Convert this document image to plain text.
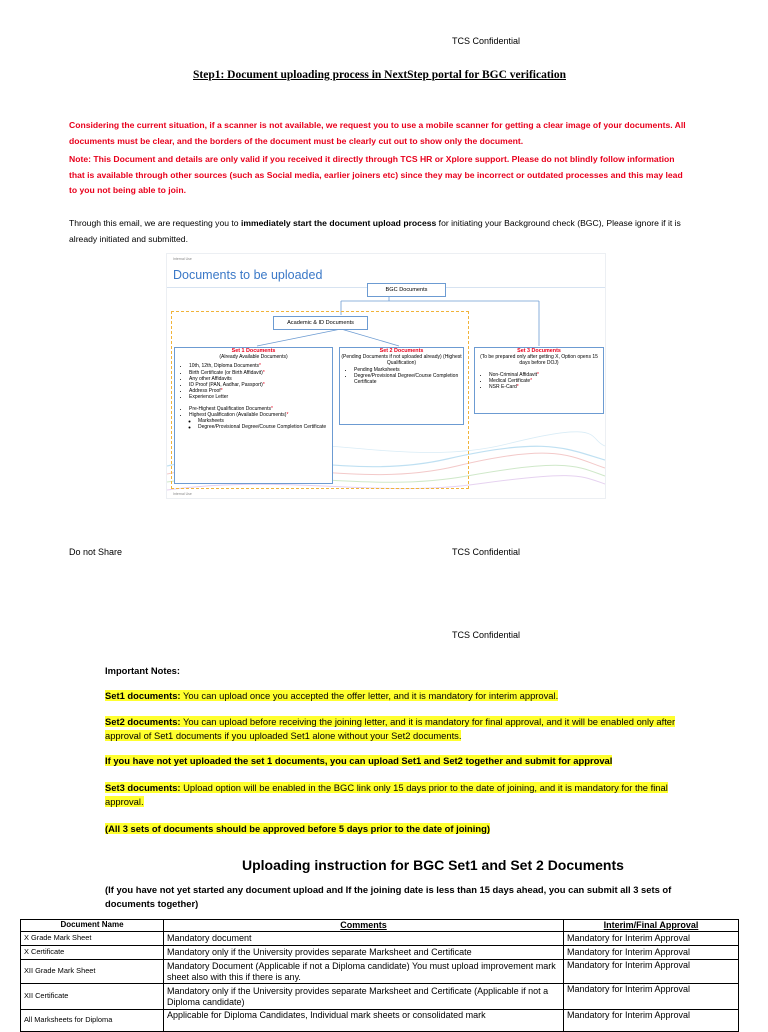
TCS Confidential
Step1: Document uploading process in NextStep portal for BGC verification
Considering the current situation, if a scanner is not available, we request you to use a mobile scanner for getting a clear image of your documents. All documents must be clear, and the borders of the document must be clearly cut out to show only the document.
Note: This Document and details are only valid if you received it directly through TCS HR or Xplore support. Please do not blindly follow information that is available through other sources (such as Social media, earlier joiners etc) since they may be incorrect or outdated processes and this may lead to you not being able to join.
Through this email, we are requesting you to immediately start the document upload process for initiating your Background check (BGC), Please ignore if it is already initiated and submitted.
Internal Use
Documents to be uploaded
BGC Documents
Academic & ID Documents
Set 1 Documents
(Already Available Documents)
• 10th, 12th, Diploma Documents*
• Birth Certificate (or Birth Affidavit)*
• Any other Affidavits
• ID Proof (PAN, Aadhar, Passport)*
• Address Proof*
• Experience Letter
• Pre-Highest Qualification Documents*
• Highest Qualification (Available Documents)*
◦ Marksheets
◦ Degree/Provisional Degree/Course Completion Certificate
Set 2 Documents
(Pending Documents if not uploaded already) (Highest Qualification)
• Pending Marksheets
• Degree/Provisional Degree/Course Completion Certificate
Set 3 Documents
(To be prepared only after getting X, Option opens 15 days before DOJ)
• Non-Criminal Affidavit*
• Medical Certificate*
• NSR E-Card*
Internal Use
Do not Share	TCS Confidential
TCS Confidential
Important Notes:
Set1 documents: You can upload once you accepted the offer letter, and it is mandatory for interim approval.
Set2 documents: You can upload before receiving the joining letter, and it is mandatory for final approval, and it will be enabled only after approval of Set1 documents if you uploaded Set1 alone without your Set2 documents.
If you have not yet uploaded the set 1 documents, you can upload Set1 and Set2 together and submit for approval
Set3 documents: Upload option will be enabled in the BGC link only 15 days prior to the date of joining, and it is mandatory for the final approval.
(All 3 sets of documents should be approved before 5 days prior to the date of joining)
Uploading instruction for BGC Set1 and Set 2 Documents
(If you have not yet started any document upload and If the joining date is less than 15 days ahead, you can submit all 3 sets of documents together)
Document Name	Comments	Interim/Final Approval
X Grade Mark Sheet	Mandatory document	Mandatory for Interim Approval
X Certificate	Mandatory only if the University provides separate Marksheet and Certificate	Mandatory for Interim Approval
XII Grade Mark Sheet	Mandatory Document (Applicable if not a Diploma candidate) You must upload improvement mark sheet also with this if there is any.	Mandatory for Interim Approval
XII Certificate	Mandatory only if the University provides separate Marksheet and Certificate (Applicable if not a Diploma candidate)	Mandatory for Interim Approval
All Marksheets for Diploma	Applicable for Diploma Candidates, Individual mark sheets or consolidated mark	Mandatory for Interim Approval
